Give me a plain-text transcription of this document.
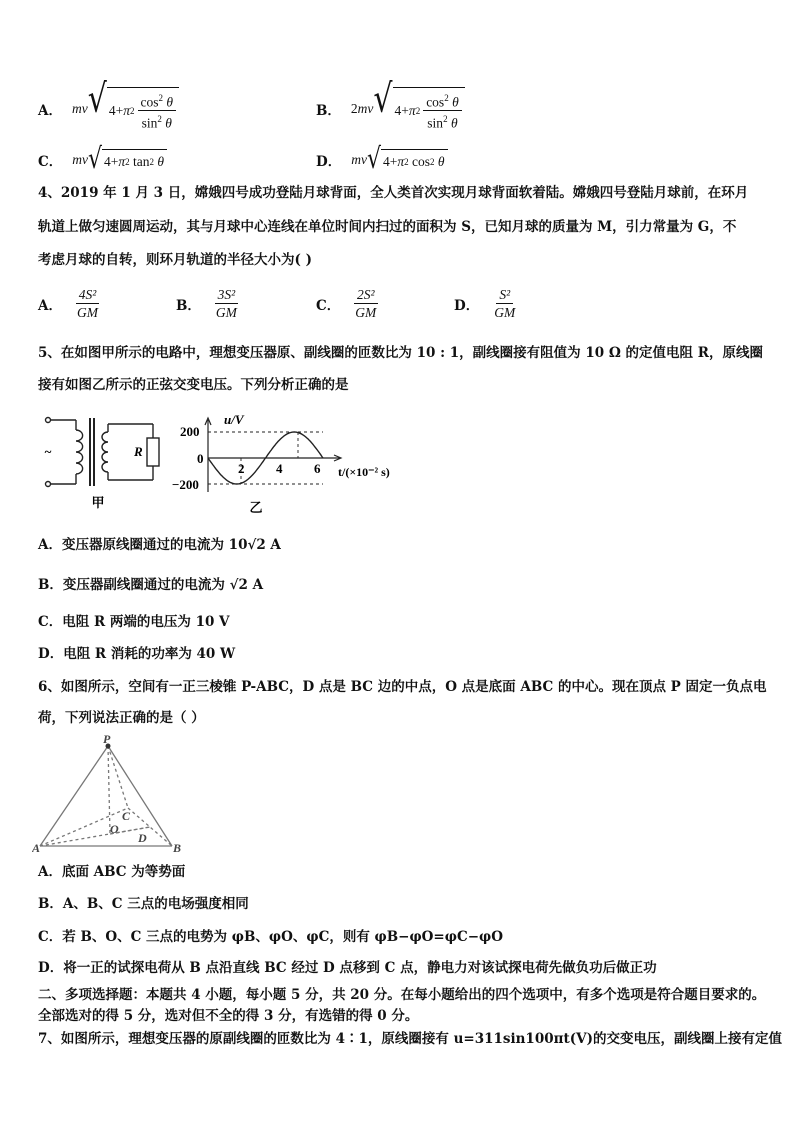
A． mv √ 4+ π $2 \frac{\cos^2 \theta}{\sin^2 \theta}$	B． 2mv √ 4+ π $2 \frac{\cos^2 \theta}{\sin^2 \theta}$
C． mv √ 4+ π 2 tan 2 θ	D． mv √ 4+ π 2 cos 2 θ
4、2019 年 1 月 3 日，嫦娥四号成功登陆月球背面，全人类首次实现月球背面软着陆。嫦娥四号登陆月球前，在环月
轨道上做匀速圆周运动，其与月球中心连线在单位时间内扫过的面积为 S，已知月球的质量为 M，引力常量为 G，不
考虑月球的自转，则环月轨道的半径大小为( )
A． $\frac{\text{4S²}}{GM}$	B． $\frac{\text{3S²}}{GM}$	C． $\frac{\text{2S²}}{GM}$	D． $\frac{\text{S²}}{GM}$
5、在如图甲所示的电路中，理想变压器原、副线圈的匝数比为 10 : 1，副线圈接有阻值为 10 Ω 的定值电阻 R，原线圈
接有如图乙所示的正弦交变电压。下列分析正确的是
~	R
甲
u/V
200
0
−200
2 4 6 t/(×10⁻² s)
乙
A．变压器原线圈通过的电流为 10√2 A
B．变压器副线圈通过的电流为 √2 A
C．电阻 R 两端的电压为 10 V
D．电阻 R 消耗的功率为 40 W
6、如图所示，空间有一正三棱锥 P-ABC，D 点是 BC 边的中点，O 点是底面 ABC 的中心。现在顶点 P 固定一负点电
荷，下列说法正确的是（ ）
P
A	B
C
O
D
A．底面 ABC 为等势面
B．A、B、C 三点的电场强度相同
C．若 B、O、C 三点的电势为 φB、φO、φC，则有 φB−φO=φC−φO
D．将一正的试探电荷从 B 点沿直线 BC 经过 D 点移到 C 点，静电力对该试探电荷先做负功后做正功
二、多项选择题：本题共 4 小题，每小题 5 分，共 20 分。在每小题给出的四个选项中，有多个选项是符合题目要求的。
全部选对的得 5 分，选对但不全的得 3 分，有选错的得 0 分。
7、如图所示，理想变压器的原副线圈的匝数比为 4∶1，原线圈接有 u=311sin100πt(V)的交变电压，副线圈上接有定值
